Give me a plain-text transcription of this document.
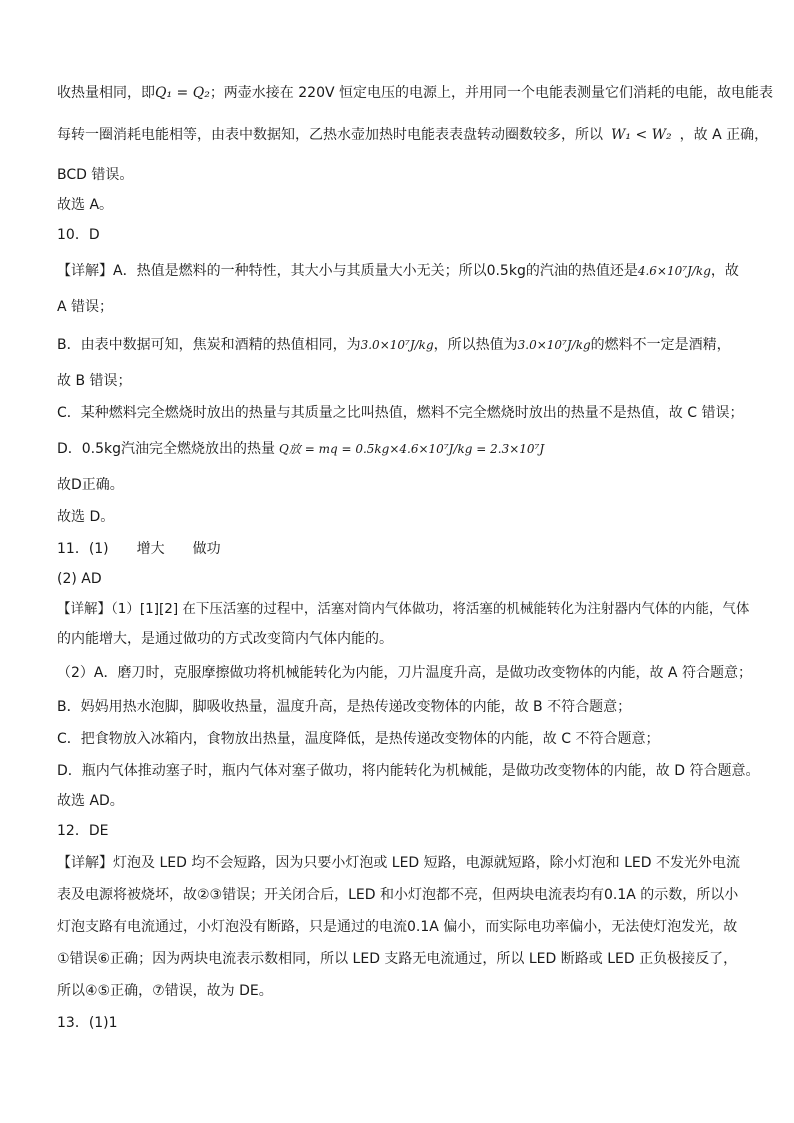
收热量相同，即Q₁ = Q₂；两壶水接在 220V 恒定电压的电源上，并用同一个电能表测量它们消耗的电能，故电能表
每转一圈消耗电能相等，由表中数据知，乙热水壶加热时电能表表盘转动圈数较多，所以 W₁ < W₂ ，故 A 正确，
BCD 错误。
故选 A。
10．D
【详解】A．热值是燃料的一种特性，其大小与其质量大小无关；所以0.5kg的汽油的热值还是4.6×10⁷J/kg，故
A 错误；
B．由表中数据可知，焦炭和酒精的热值相同，为3.0×10⁷J/kg，所以热值为3.0×10⁷J/kg的燃料不一定是酒精，
故 B 错误；
C．某种燃料完全燃烧时放出的热量与其质量之比叫热值，燃料不完全燃烧时放出的热量不是热值，故 C 错误；
D．0.5kg汽油完全燃烧放出的热量 Q放 = mq = 0.5kg×4.6×10⁷J/kg = 2.3×10⁷J
故D正确。
故选 D。
11．(1)　　增大　　做功
(2) AD
【详解】（1）[1][2] 在下压活塞的过程中，活塞对筒内气体做功，将活塞的机械能转化为注射器内气体的内能，气体
的内能增大，是通过做功的方式改变筒内气体内能的。
（2）A．磨刀时，克服摩擦做功将机械能转化为内能，刀片温度升高，是做功改变物体的内能，故 A 符合题意；
B．妈妈用热水泡脚，脚吸收热量，温度升高，是热传递改变物体的内能，故 B 不符合题意；
C．把食物放入冰箱内，食物放出热量，温度降低，是热传递改变物体的内能，故 C 不符合题意；
D．瓶内气体推动塞子时，瓶内气体对塞子做功，将内能转化为机械能，是做功改变物体的内能，故 D 符合题意。
故选 AD。
12．DE
【详解】灯泡及 LED 均不会短路，因为只要小灯泡或 LED 短路，电源就短路，除小灯泡和 LED 不发光外电流
表及电源将被烧坏，故②③错误；开关闭合后，LED 和小灯泡都不亮，但两块电流表均有0.1A 的示数，所以小
灯泡支路有电流通过，小灯泡没有断路，只是通过的电流0.1A 偏小，而实际电功率偏小，无法使灯泡发光，故
①错误⑥正确；因为两块电流表示数相同，所以 LED 支路无电流通过，所以 LED 断路或 LED 正负极接反了，
所以④⑤正确，⑦错误，故为 DE。
13．(1)1
